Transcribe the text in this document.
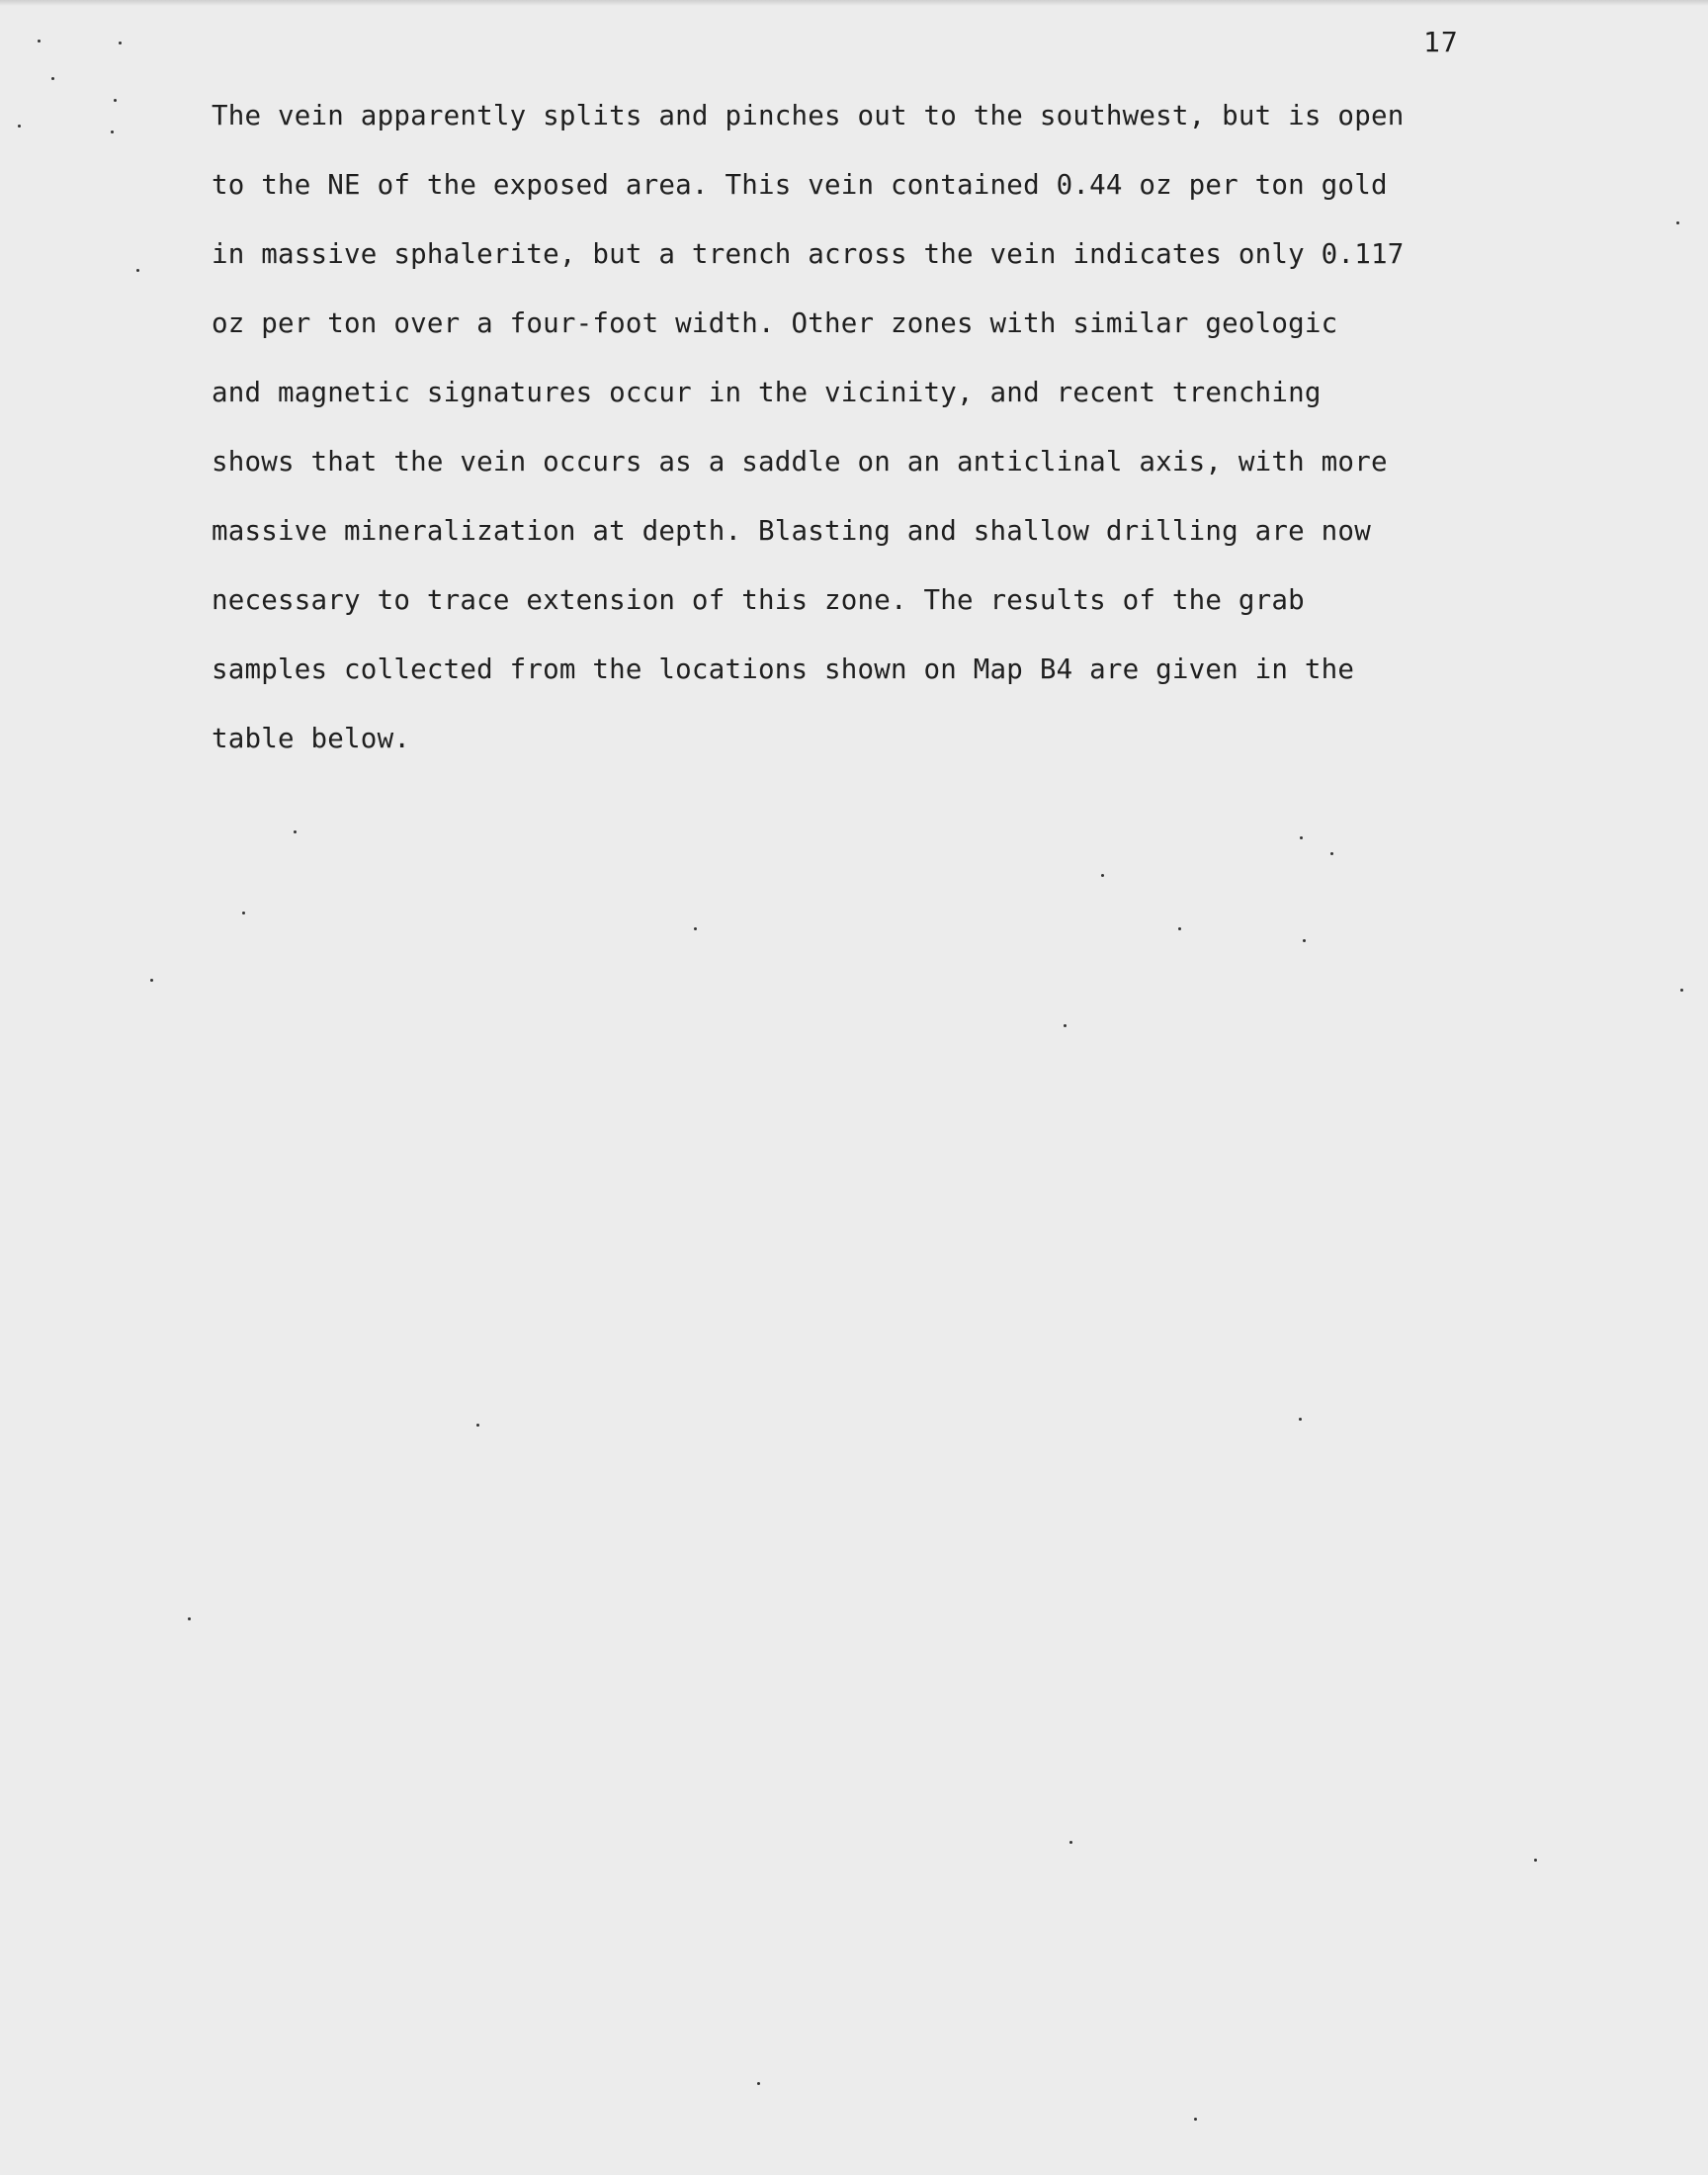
17
The vein apparently splits and pinches out to the southwest, but is open
to the NE of the exposed area. This vein contained 0.44 oz per ton gold
in massive sphalerite, but a trench across the vein indicates only 0.117
oz per ton over a four-foot width. Other zones with similar geologic
and magnetic signatures occur in the vicinity, and recent trenching
shows that the vein occurs as a saddle on an anticlinal axis, with more
massive mineralization at depth. Blasting and shallow drilling are now
necessary to trace extension of this zone. The results of the grab
samples collected from the locations shown on Map B4 are given in the
table below.
